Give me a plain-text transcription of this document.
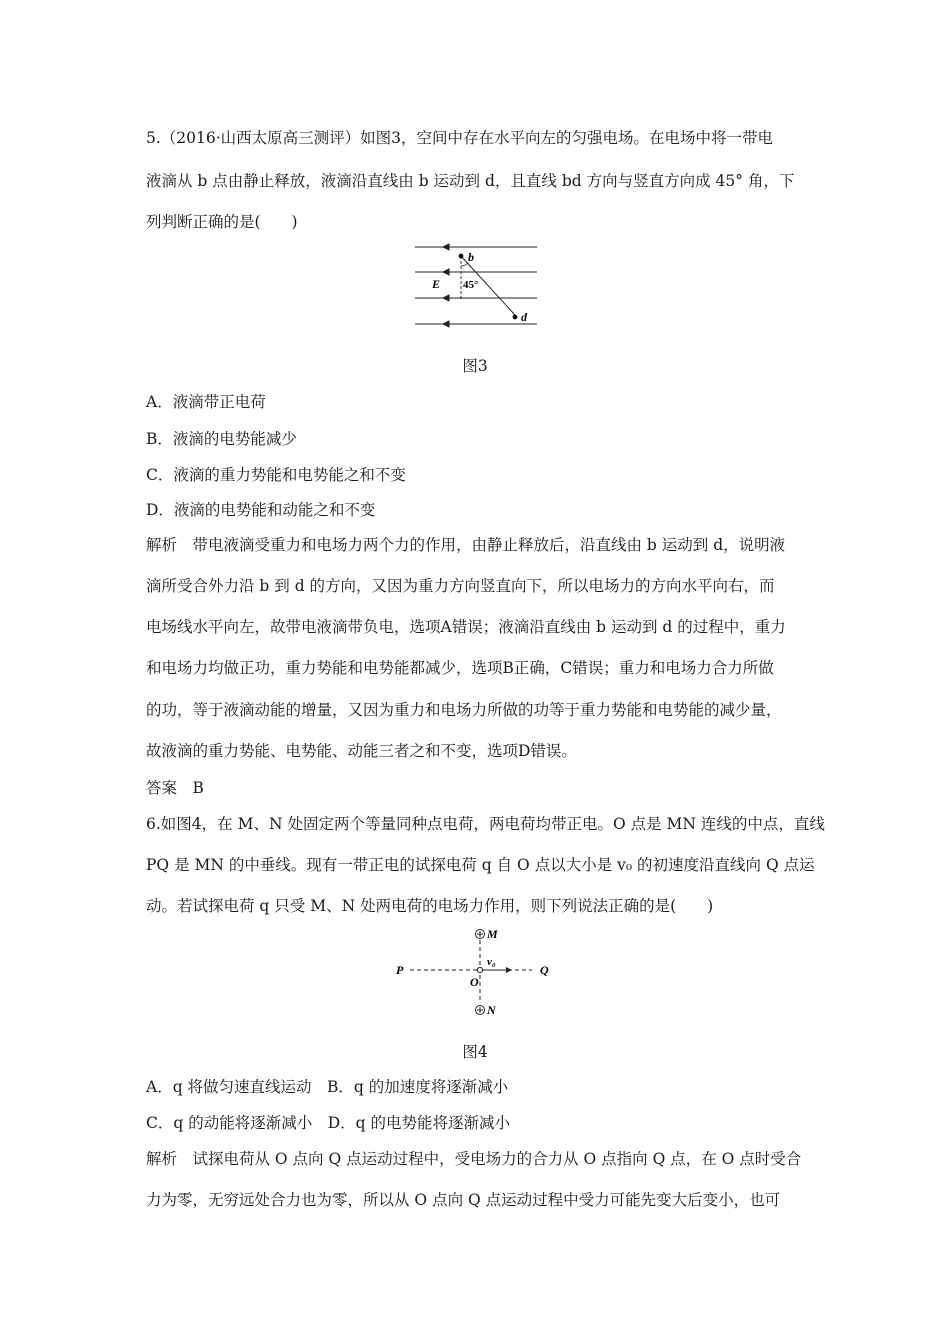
5.（2016·山西太原高三测评）如图3，空间中存在水平向左的匀强电场。在电场中将一带电
液滴从 b 点由静止释放，液滴沿直线由 b 运动到 d，且直线 bd 方向与竖直方向成 45° 角，下
列判断正确的是(　　)
b
d
E 45°
图3
A．液滴带正电荷
B．液滴的电势能减少
C．液滴的重力势能和电势能之和不变
D．液滴的电势能和动能之和不变
解析　带电液滴受重力和电场力两个力的作用，由静止释放后，沿直线由 b 运动到 d，说明液
滴所受合外力沿 b 到 d 的方向，又因为重力方向竖直向下，所以电场力的方向水平向右，而
电场线水平向左，故带电液滴带负电，选项A错误；液滴沿直线由 b 运动到 d 的过程中，重力
和电场力均做正功，重力势能和电势能都减少，选项B正确，C错误；重力和电场力合力所做
的功，等于液滴动能的增量，又因为重力和电场力所做的功等于重力势能和电势能的减少量，
故液滴的重力势能、电势能、动能三者之和不变，选项D错误。
答案　B
6.如图4，在 M、N 处固定两个等量同种点电荷，两电荷均带正电。O 点是 MN 连线的中点，直线
PQ 是 MN 的中垂线。现有一带正电的试探电荷 q 自 O 点以大小是 v₀ 的初速度沿直线向 Q 点运
动。若试探电荷 q 只受 M、N 处两电荷的电场力作用，则下列说法正确的是(　　)
M
N
P	Q
O
v₀
图4
A．q 将做匀速直线运动　B．q 的加速度将逐渐减小
C．q 的动能将逐渐减小　D．q 的电势能将逐渐减小
解析　试探电荷从 O 点向 Q 点运动过程中，受电场力的合力从 O 点指向 Q 点，在 O 点时受合
力为零，无穷远处合力也为零，所以从 O 点向 Q 点运动过程中受力可能先变大后变小，也可
